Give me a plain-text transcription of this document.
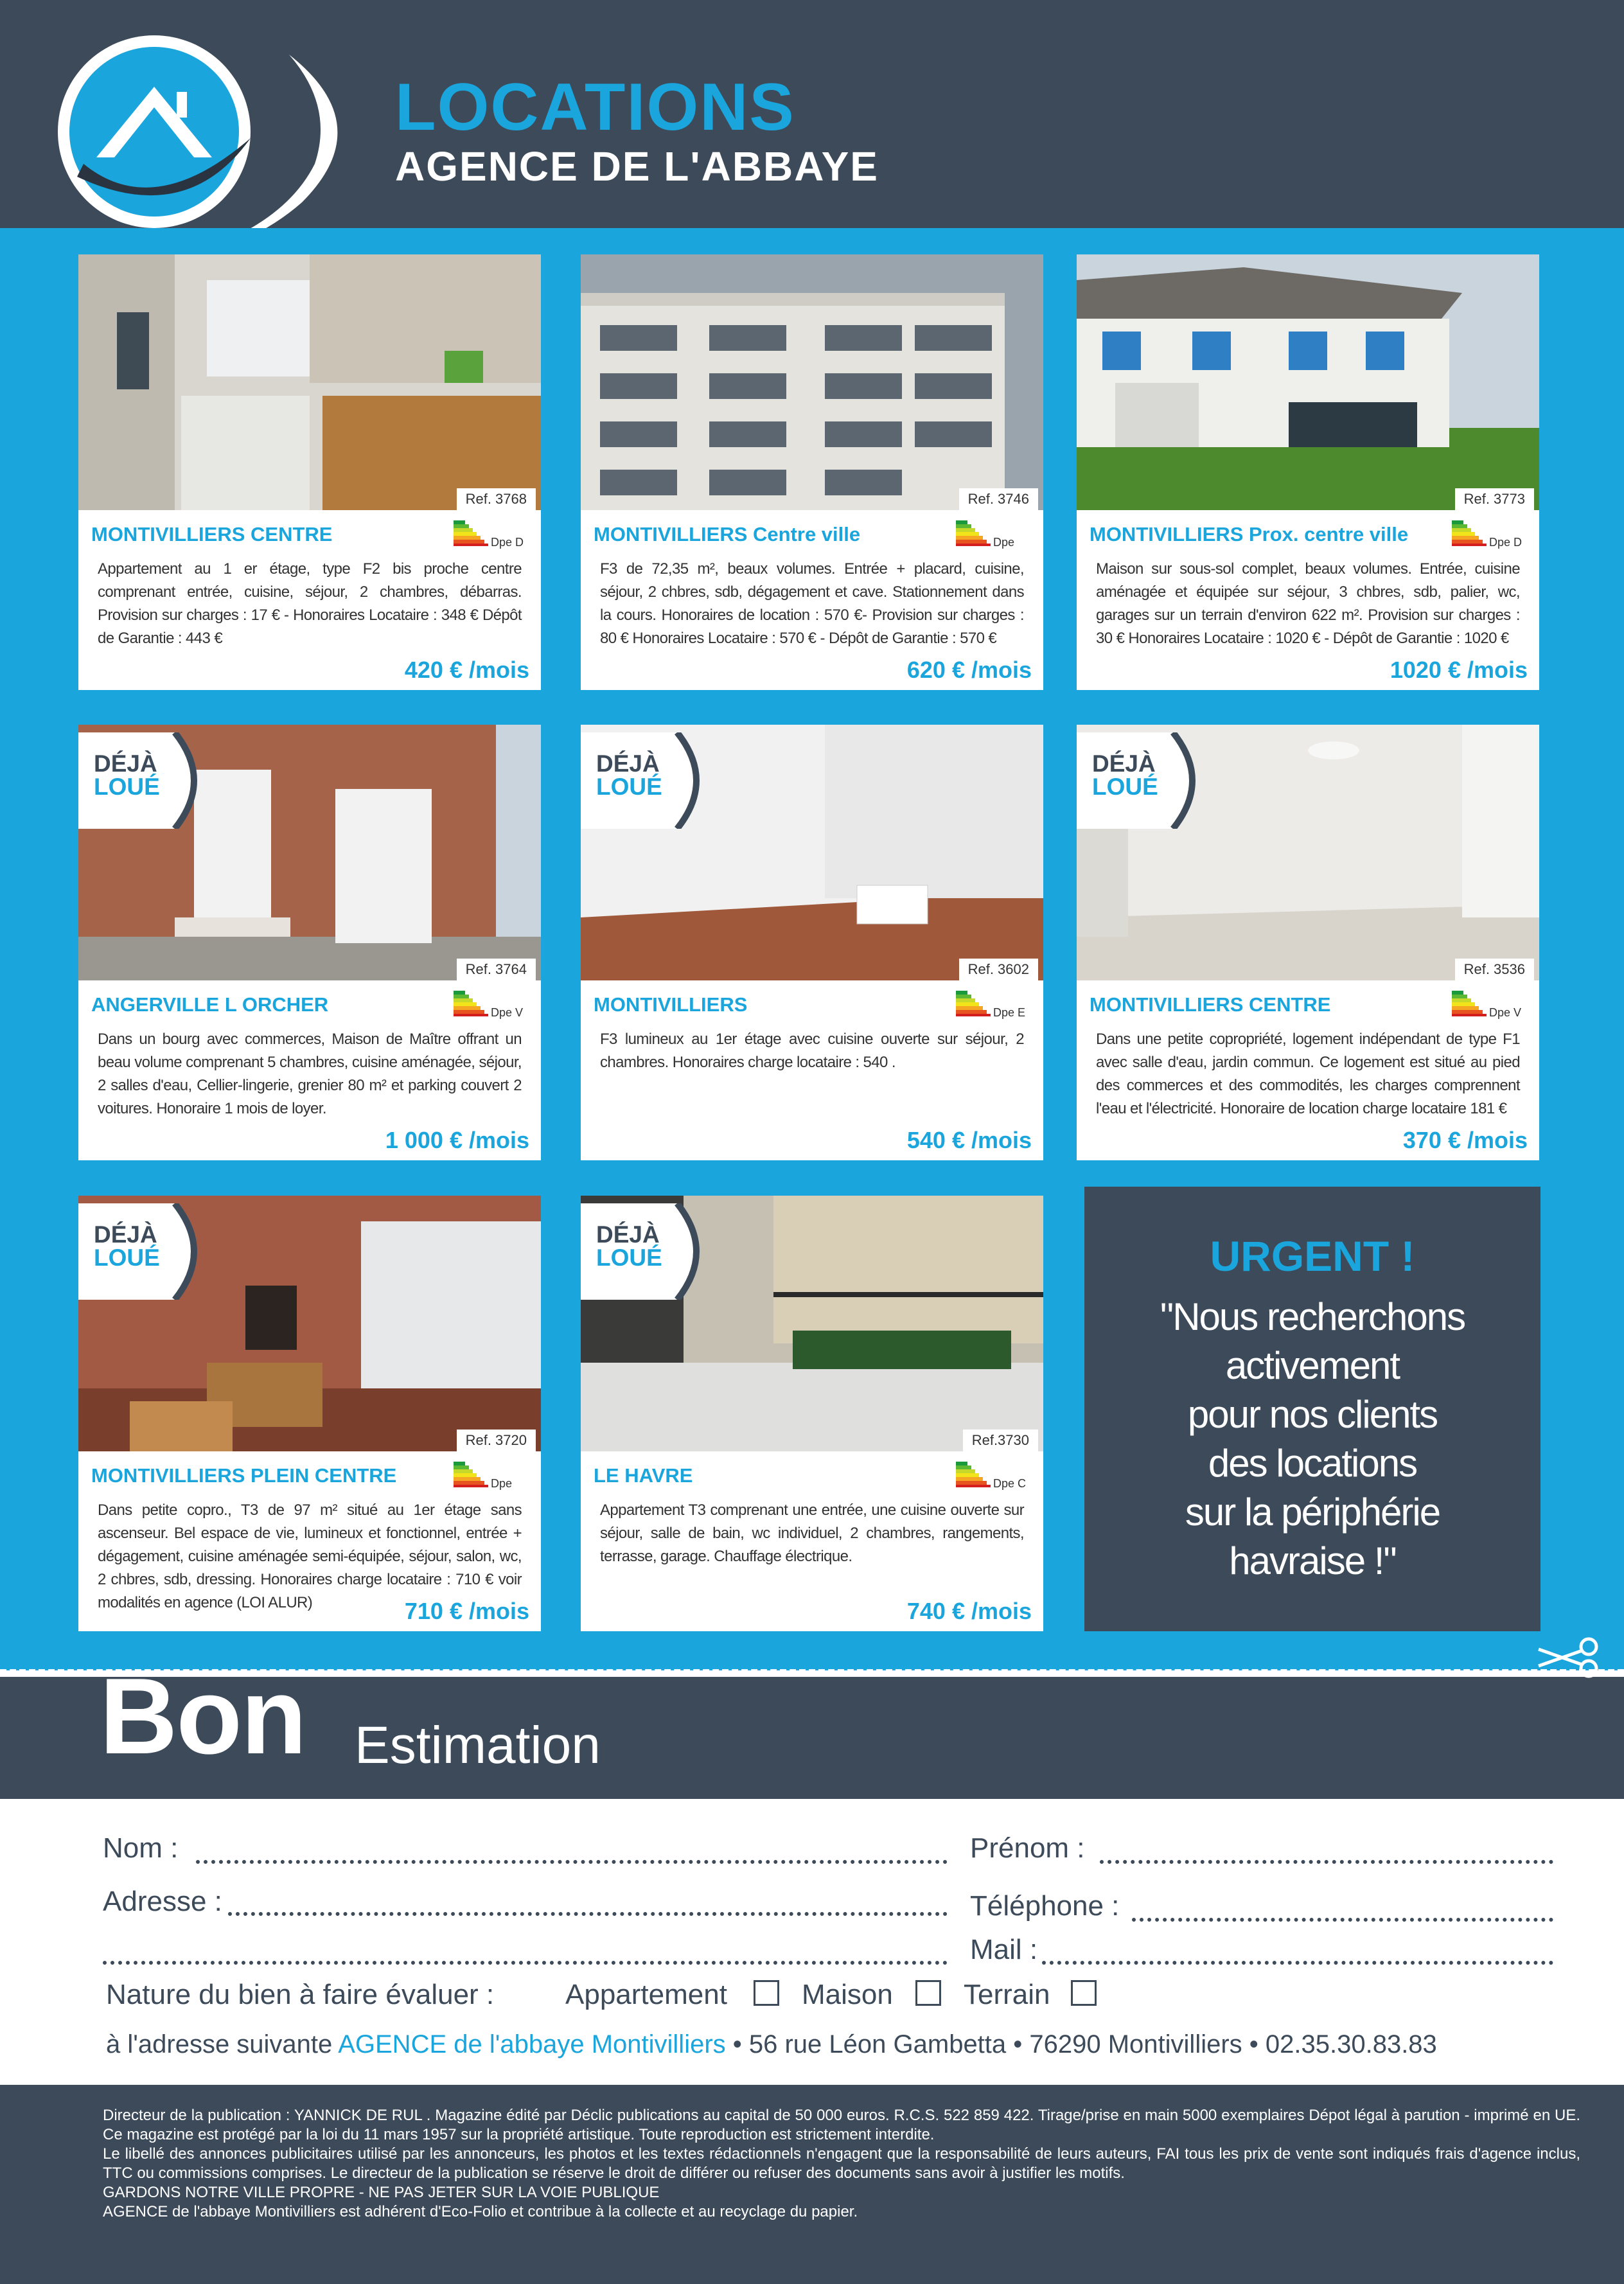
LOCATIONS
AGENCE DE L'ABBAYE
Ref. 3768
MONTIVILLIERS CENTRE	Dpe D
Appartement au 1 er étage, type F2 bis proche centre comprenant entrée, cuisine, séjour, 2 chambres, débarras. Provision sur charges : 17 € - Honoraires Locataire : 348 € Dépôt de Garantie : 443 €
420 € /mois
Ref. 3746
MONTIVILLIERS Centre ville	Dpe
F3 de 72,35 m², beaux volumes. Entrée + placard, cuisine, séjour, 2 chbres, sdb, dégagement et cave. Stationnement dans la cours. Honoraires de location : 570 €- Provision sur charges : 80 € Honoraires Locataire : 570 € - Dépôt de Garantie : 570 €
620 € /mois
Ref. 3773
MONTIVILLIERS Prox. centre ville	Dpe D
Maison sur sous-sol complet, beaux volumes. Entrée, cuisine aménagée et équipée sur séjour, 3 chbres, sdb, palier, wc, garages sur un terrain d'environ 622 m². Provision sur charges : 30 € Honoraires Locataire : 1020 € - Dépôt de Garantie : 1020 €
1020 € /mois
Ref. 3764
DÉJÀ
LOUÉ
ANGERVILLE L ORCHER	Dpe V
Dans un bourg avec commerces, Maison de Maître offrant un beau volume comprenant 5 chambres, cuisine aménagée, séjour, 2 salles d'eau, Cellier-lingerie, grenier 80 m² et parking couvert 2 voitures. Honoraire 1 mois de loyer.
1 000 € /mois
Ref. 3602
DÉJÀ
LOUÉ
MONTIVILLIERS	Dpe E
F3 lumineux au 1er étage avec cuisine ouverte sur séjour, 2 chambres. Honoraires charge locataire : 540 .
540 € /mois
Ref. 3536
DÉJÀ
LOUÉ
MONTIVILLIERS CENTRE	Dpe V
Dans une petite copropriété, logement indépendant de type F1 avec salle d'eau, jardin commun. Ce logement est situé au pied des commerces et des commodités, les charges comprennent l'eau et l'électricité. Honoraire de location charge locataire 181 €
370 € /mois
Ref. 3720
DÉJÀ
LOUÉ
MONTIVILLIERS PLEIN CENTRE	Dpe
Dans petite copro., T3 de 97 m² situé au 1er étage sans ascenseur. Bel espace de vie, lumineux et fonctionnel, entrée + dégagement, cuisine aménagée semi-équipée, séjour, salon, wc, 2 chbres, sdb, dressing. Honoraires charge locataire : 710 € voir modalités en agence (LOI ALUR)	710 € /mois
Ref.3730
DÉJÀ
LOUÉ
LE HAVRE	Dpe C
Appartement T3 comprenant une entrée, une cuisine ouverte sur séjour, salle de bain, wc individuel, 2 chambres, rangements, terrasse, garage. Chauffage électrique.
740 € /mois
URGENT !
"Nous recherchons
activement
pour nos clients
des locations
sur la périphérie
havraise !"
Bon Estimation
Nom :	Prénom :
Adresse :	Téléphone :
Mail :
Nature du bien à faire évaluer :	Appartement	Maison	Terrain
à l'adresse suivante AGENCE de l'abbaye Montivilliers • 56 rue Léon Gambetta • 76290 Montivilliers • 02.35.30.83.83

Directeur de la publication : YANNICK DE RUL . Magazine édité par Déclic publications au capital de 50 000 euros. R.C.S. 522 859 422. Tirage/prise en main 5000 exemplaires Dépot légal à parution - imprimé en UE. Ce magazine est protégé par la loi du 11 mars 1957 sur la propriété artistique. Toute reproduction est strictement interdite.

Le libellé des annonces publicitaires utilisé par les annonceurs, les photos et les textes rédactionnels n'engagent que la responsabilité de leurs auteurs, FAI tous les prix de vente sont indiqués frais d'agence inclus, TTC ou commissions comprises. Le directeur de la publication se réserve le droit de différer ou refuser des documents sans avoir à justifier les motifs.

GARDONS NOTRE VILLE PROPRE - NE PAS JETER SUR LA VOIE PUBLIQUE

AGENCE de l'abbaye Montivilliers est adhérent d'Eco-Folio et contribue à la collecte et au recyclage du papier.
